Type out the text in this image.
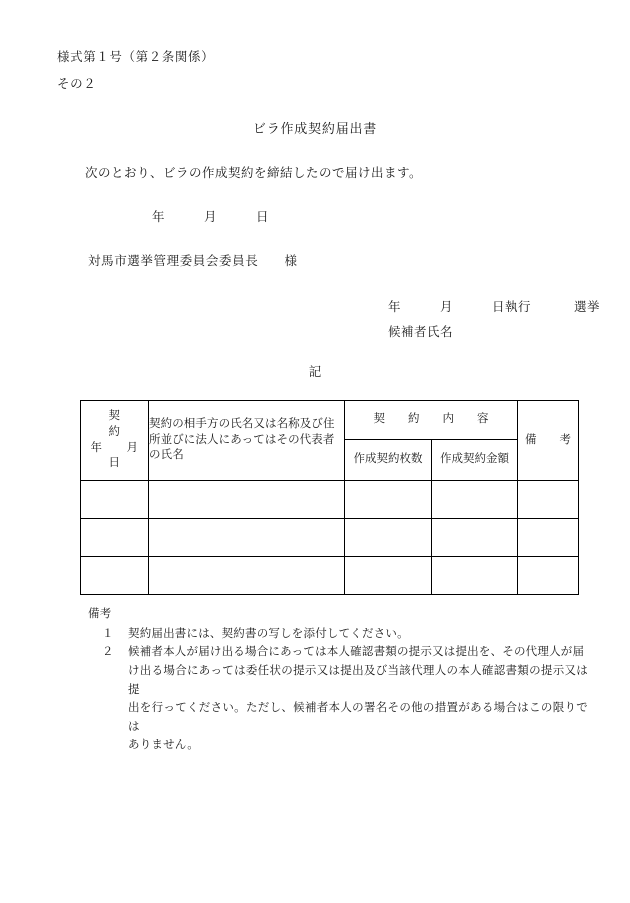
様式第１号（第２条関係）
その２
ビラ作成契約届出書
次のとおり、ビラの作成契約を締結したので届け出ます。
年　　　月　　　日
対馬市選挙管理委員会委員長　　様
選挙
年　　　月　　　日執行
候補者氏名
記
契　　　　　約
年　　月　　日	契約の相手方の氏名又は名称及び住所並びに法人にあってはその代表者の氏名	契　　約　　内　　容		備　　考
		作成契約枚数	作成契約金額	

備考
１	契約届出書には、契約書の写しを添付してください。
２	候補者本人が届け出る場合にあっては本人確認書類の提示又は提出を、その代理人が届
け出る場合にあっては委任状の提示又は提出及び当該代理人の本人確認書類の提示又は提
出を行ってください。ただし、候補者本人の署名その他の措置がある場合はこの限りでは
ありません。
